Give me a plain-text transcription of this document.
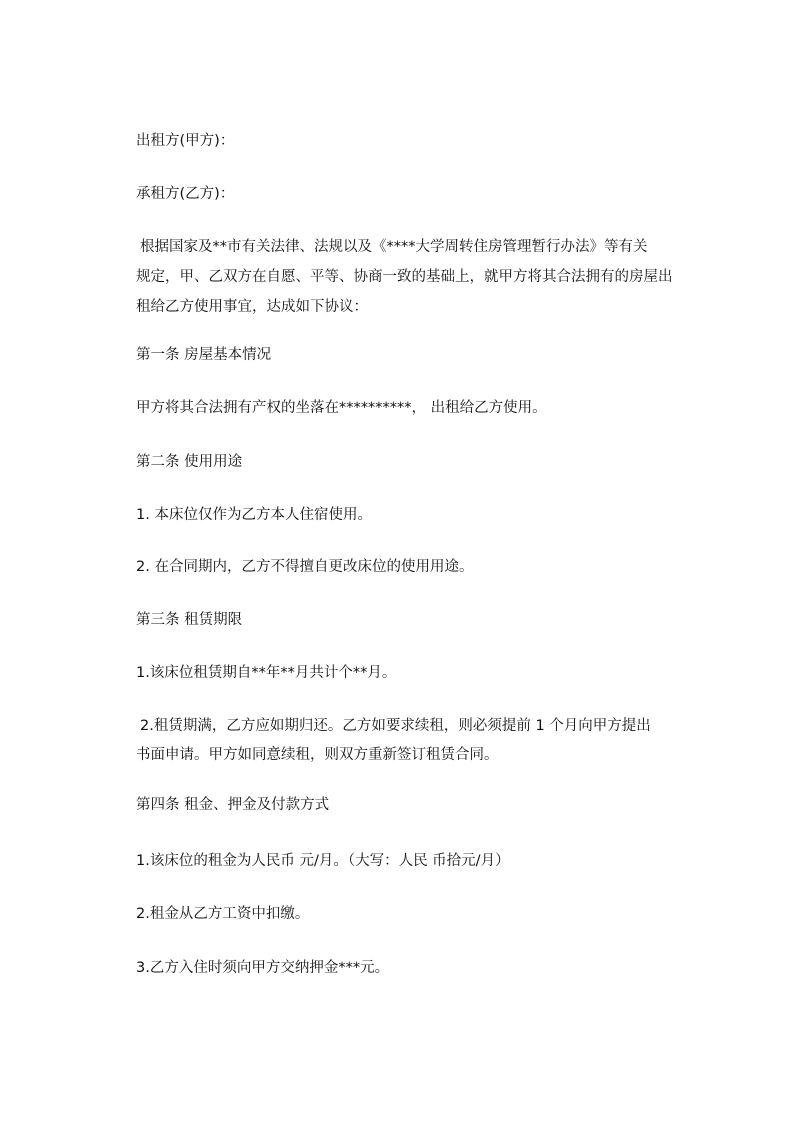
出租方(甲方)：

承租方(乙方)：

根据国家及**市有关法律、法规以及《****大学周转住房管理暂行办法》等有关

规定，甲、乙双方在自愿、平等、协商一致的基础上，就甲方将其合法拥有的房屋出

租给乙方使用事宜，达成如下协议：

第一条 房屋基本情况

甲方将其合法拥有产权的坐落在**********， 出租给乙方使用。

第二条 使用用途

1. 本床位仅作为乙方本人住宿使用。

2. 在合同期内，乙方不得擅自更改床位的使用用途。

第三条 租赁期限

1.该床位租赁期自**年**月共计个**月。

2.租赁期满，乙方应如期归还。乙方如要求续租，则必须提前 1 个月向甲方提出

书面申请。甲方如同意续租，则双方重新签订租赁合同。

第四条 租金、押金及付款方式

1.该床位的租金为人民币 元/月。（大写：人民 币拾元/月）

2.租金从乙方工资中扣缴。

3.乙方入住时须向甲方交纳押金***元。
